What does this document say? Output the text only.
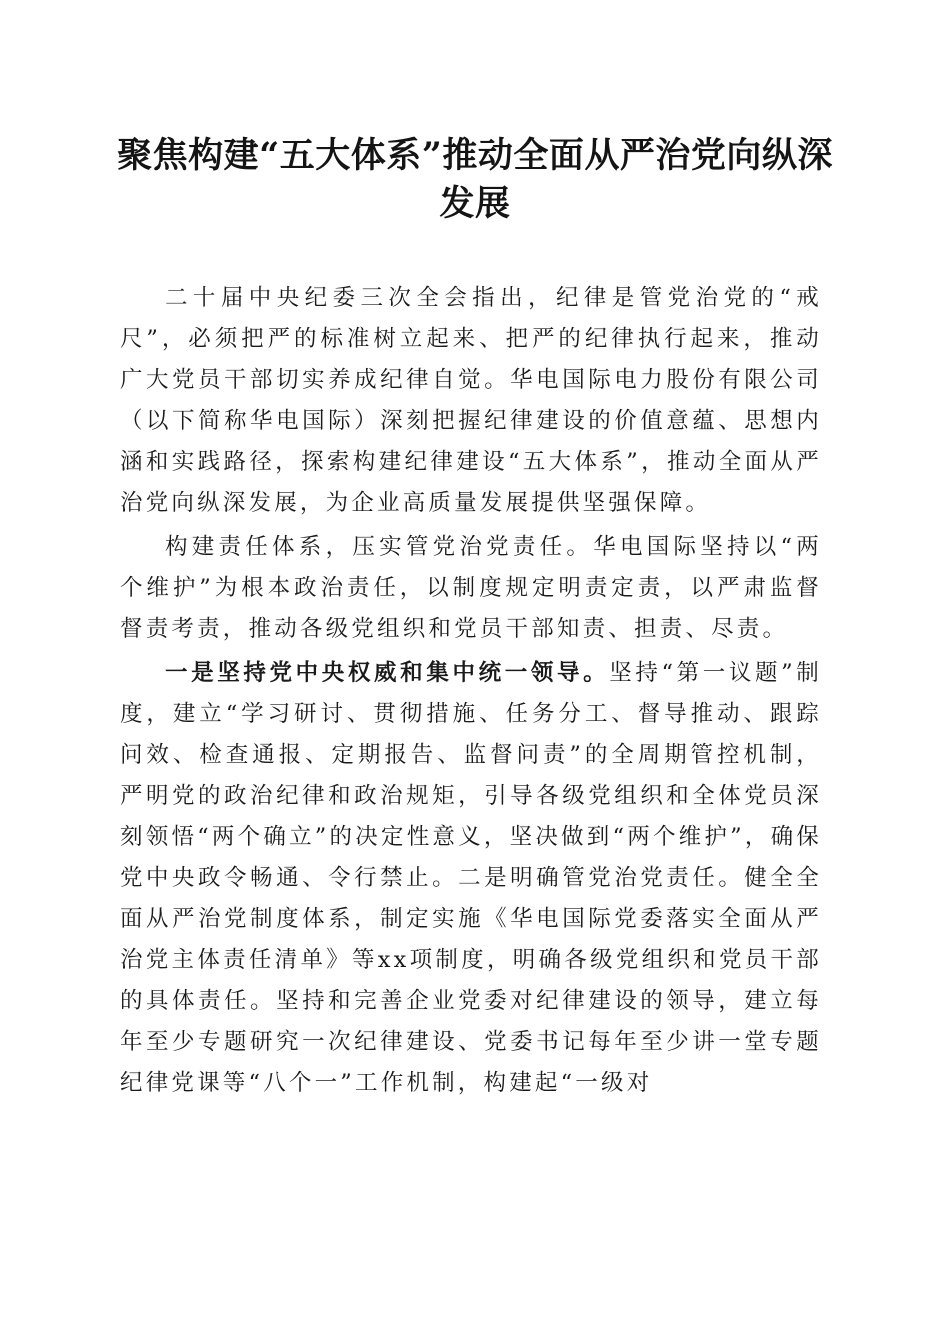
聚焦构建“五大体系”推动全面从严治党向纵深发展

二十届中央纪委三次全会指出，纪律是管党治党的“戒尺”，必须把严的标准树立起来、把严的纪律执行起来，推动广大党员干部切实养成纪律自觉。华电国际电力股份有限公司（以下简称华电国际）深刻把握纪律建设的价值意蕴、思想内涵和实践路径，探索构建纪律建设“五大体系”，推动全面从严治党向纵深发展，为企业高质量发展提供坚强保障。

构建责任体系，压实管党治党责任。华电国际坚持以“两个维护”为根本政治责任，以制度规定明责定责，以严肃监督督责考责，推动各级党组织和党员干部知责、担责、尽责。

一是坚持党中央权威和集中统一领导。坚持“第一议题”制度，建立“学习研讨、贯彻措施、任务分工、督导推动、跟踪问效、检查通报、定期报告、监督问责”的全周期管控机制，严明党的政治纪律和政治规矩，引导各级党组织和全体党员深刻领悟“两个确立”的决定性意义，坚决做到“两个维护”，确保党中央政令畅通、令行禁止。二是明确管党治党责任。健全全面从严治党制度体系，制定实施《华电国际党委落实全面从严治党主体责任清单》等xx项制度，明确各级党组织和党员干部的具体责任。坚持和完善企业党委对纪律建设的领导，建立每年至少专题研究一次纪律建设、党委书记每年至少讲一堂专题纪律党课等“八个一”工作机制，构建起“一级对
